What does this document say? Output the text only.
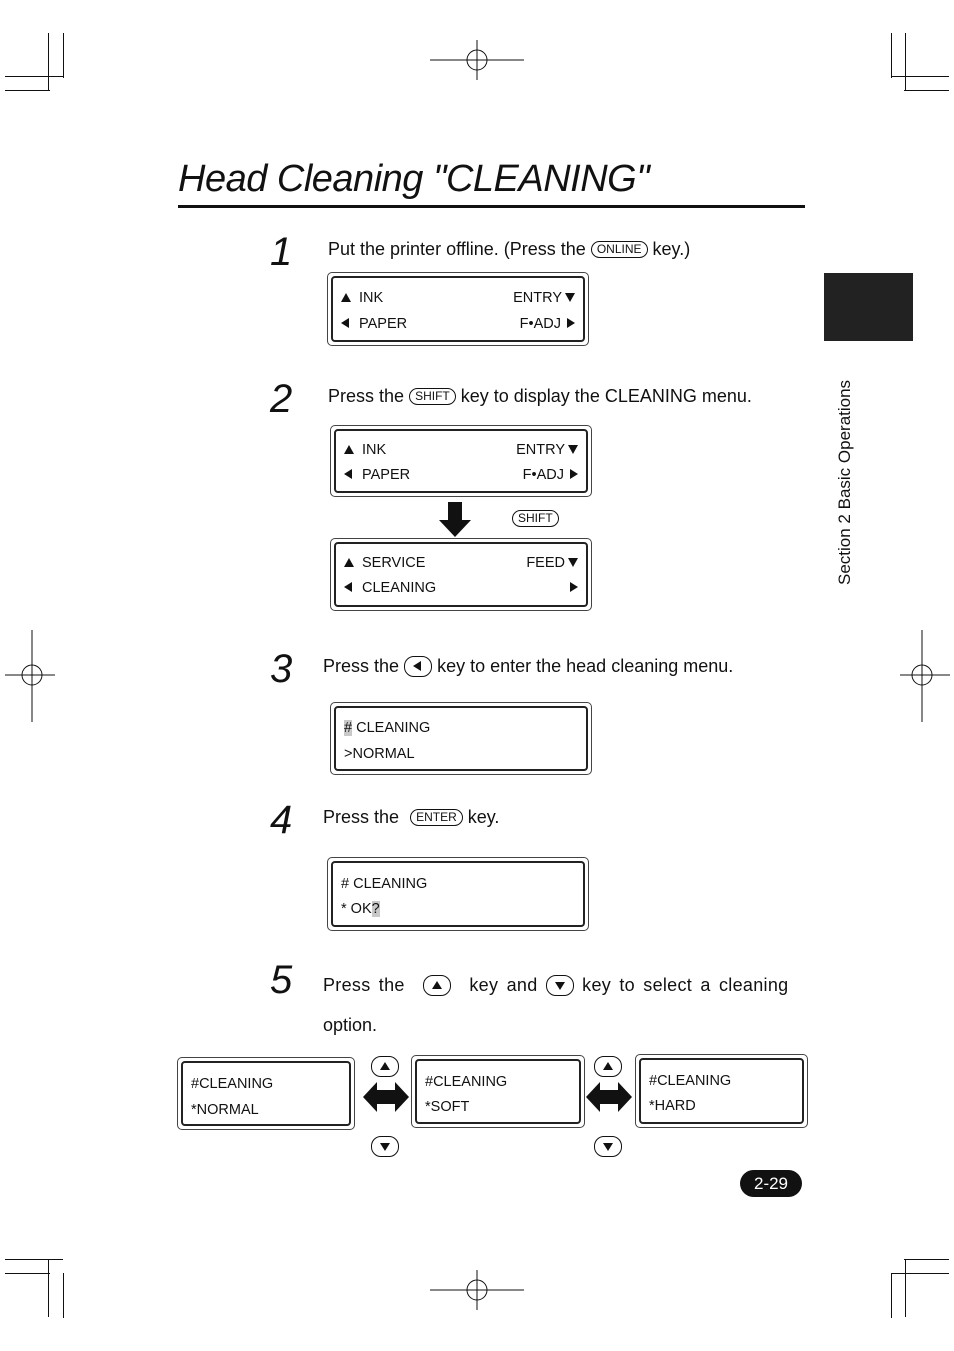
Head Cleaning "CLEANING"
Section 2 Basic Operations
1 Put the printer offline. (Press the ONLINE key.)
INK	ENTRY
PAPER	F•ADJ
2 Press the SHIFT key to display the CLEANING menu.
INK	ENTRY
PAPER	F•ADJ
SHIFT
SERVICE	FEED
CLEANING
3 Press the key to enter the head cleaning menu.
# CLEANING
>NORMAL
4 Press the ENTER key.
# CLEANING
* OK?
5 Press the	key and key to select a cleaning
option.
#CLEANING
*NORMAL
#CLEANING
*SOFT
#CLEANING
*HARD

2-29
